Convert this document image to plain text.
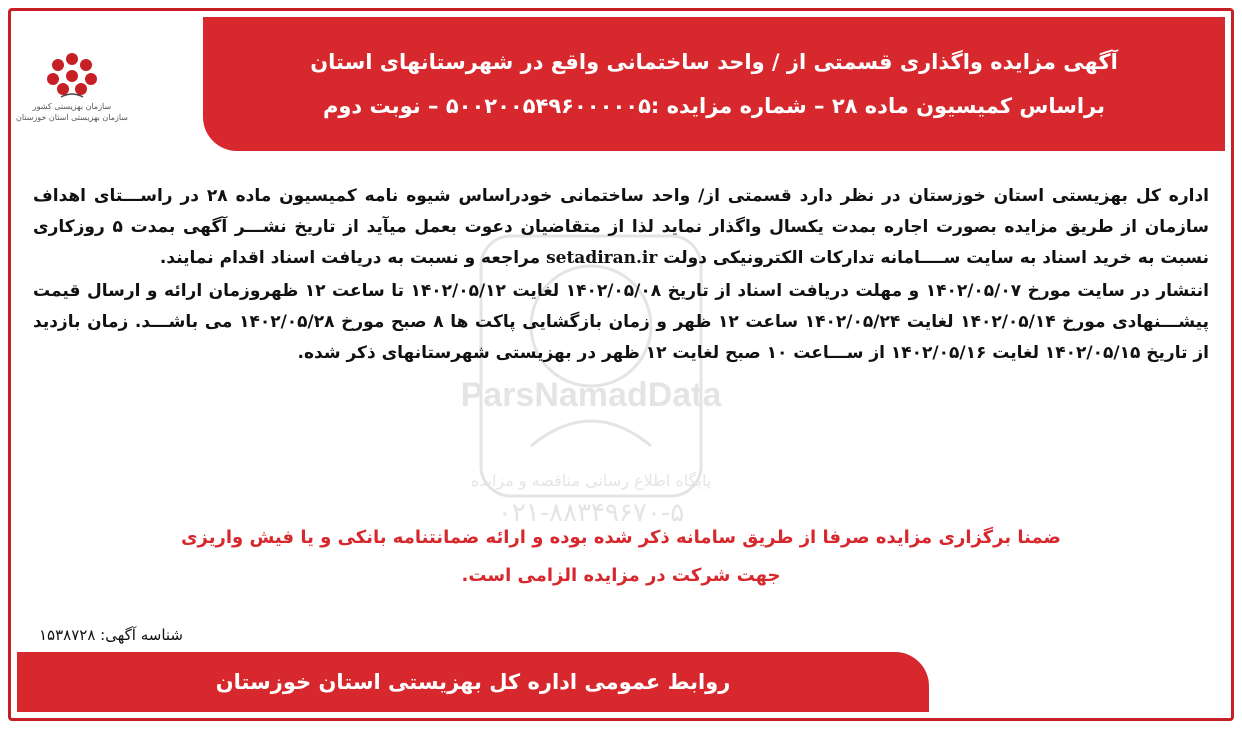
آگهی مزایده واگذاری قسمتی از / واحد ساختمانی واقع در شهرستانهای استان
براساس کمیسیون ماده ۲۸ – شماره مزایده :۵۰۰۲۰۰۵۴۹۶۰۰۰۰۰۵ – نوبت دوم
سازمان بهزیستی کشور
سازمان بهزیستی استان خوزستان
ParsNamadData
پایگاه اطلاع رسانی مناقصه و مزایده
۰۲۱-۸۸۳۴۹۶۷۰-۵

اداره کل بهزیستی استان خوزستان در نظر دارد قسمتی از/ واحد ساختمانی خودراساس شیوه نامه کمیسیون ماده ۲۸ در راســـتای اهداف سازمان از طریق مزایده بصورت اجاره بمدت یکسال واگذار نماید لذا از متقاضیان دعوت بعمل میآید از تاریخ نشـــر آگهی بمدت ۵ روزکاری نسبت به خرید اسناد به سایت ســــامانه تدارکات الکترونیکی دولت setadiran.ir مراجعه و نسبت به دریافت اسناد اقدام نمایند.

انتشار در سایت مورخ ۱۴۰۲/۰۵/۰۷ و مهلت دریافت اسناد از تاریخ ۱۴۰۲/۰۵/۰۸ لغایت ۱۴۰۲/۰۵/۱۲ تا ساعت ۱۲ ظهروزمان ارائه و ارسال قیمت پیشـــنهادی مورخ ۱۴۰۲/۰۵/۱۴ لغایت ۱۴۰۲/۰۵/۲۴ ساعت ۱۲ ظهر و زمان بازگشایی پاکت ها ۸ صبح مورخ ۱۴۰۲/۰۵/۲۸ می باشـــد. زمان بازدید از تاریخ ۱۴۰۲/۰۵/۱۵ لغایت ۱۴۰۲/۰۵/۱۶ از ســـاعت ۱۰ صبح لغایت ۱۲ ظهر در بهزیستی شهرستانهای ذکر شده.

ضمنا برگزاری مزایده صرفا از طریق سامانه ذکر شده بوده و ارائه ضمانتنامه بانکی و یا فیش واریزی
جهت شرکت در مزایده الزامی است.
شناسه آگهی: ۱۵۳۸۷۲۸
روابط عمومی اداره کل بهزیستی استان خوزستان
